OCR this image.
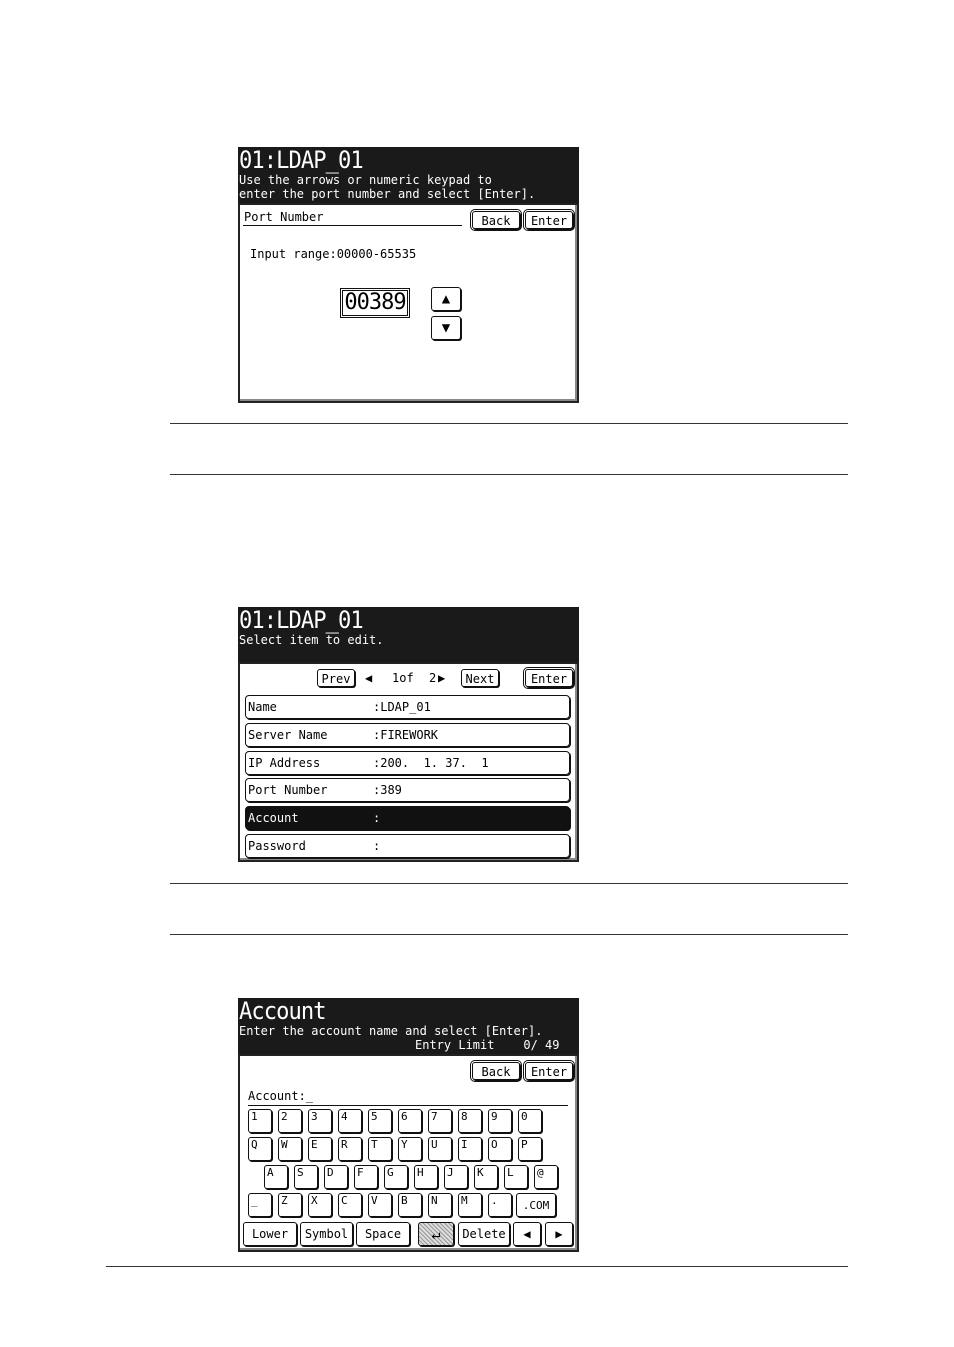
01:LDAP_01
Use the arrows or numeric keypad to
enter the port number and select [Enter].
Port Number	Back	Enter
Input range:00000-65535
00389	▲
▼
01:LDAP_01
Select item to edit.
Prev	◀ 1of 2 ▶	Next	Enter
Name	:LDAP_01
Server Name	:FIREWORK
IP Address	:200.  1. 37.  1
Port Number	:389
Account	:
Password	:
Account
Enter the account name and select [Enter].
Entry Limit    0/ 49
Back	Enter
Account:_
1	2	3	4	5	6	7	8	9	0
Q	W	E	R	T	Y	U	I	O	P
A	S	D	F	G	H	J	K	L	@
_	Z	X	C	V	B	N	M	.	.COM
Lower	Symbol	Space	↵	Delete	◀	▶
